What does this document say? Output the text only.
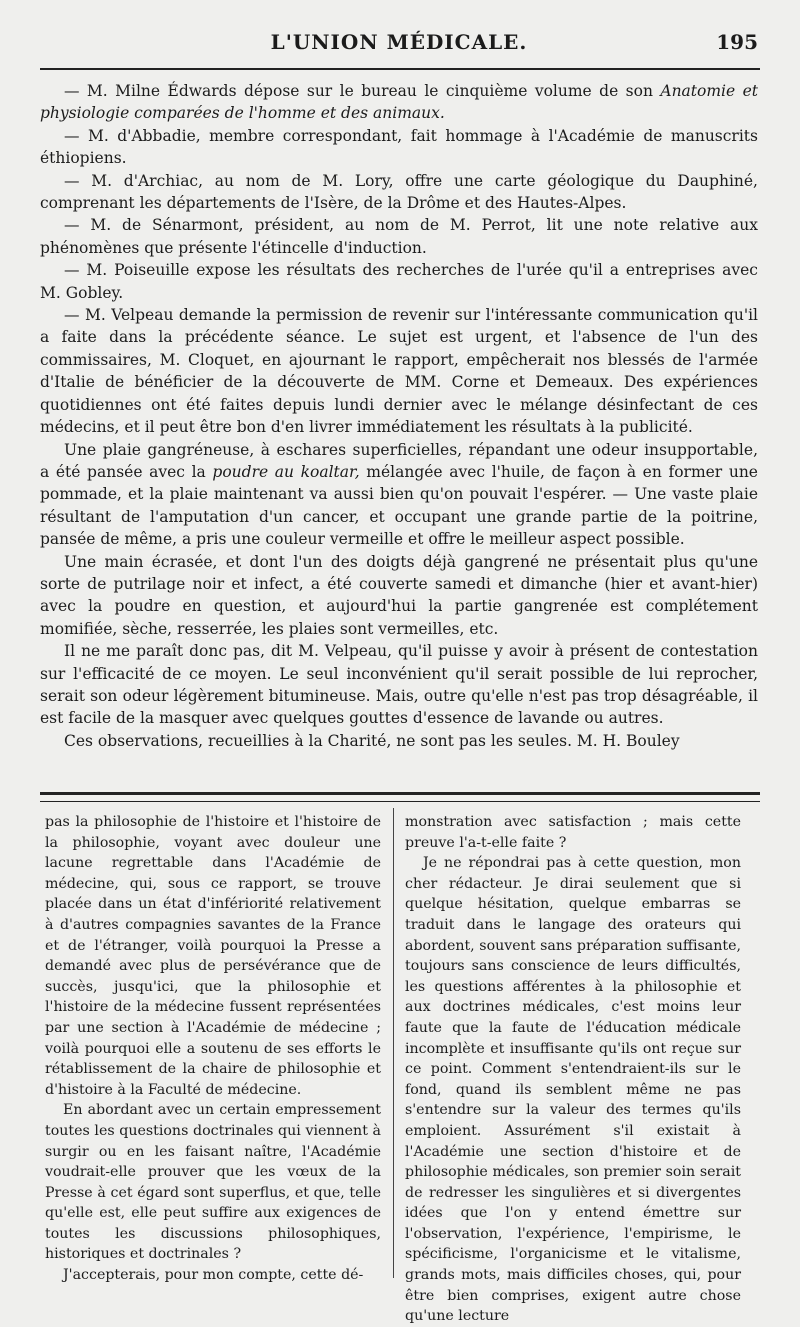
L'UNION MÉDICALE.	195

— M. Milne Édwards dépose sur le bureau le cinquième volume de son Anatomie et physiologie comparées de l'homme et des animaux.

— M. d'Abbadie, membre correspondant, fait hommage à l'Académie de manuscrits éthiopiens.

— M. d'Archiac, au nom de M. Lory, offre une carte géologique du Dauphiné, comprenant les départements de l'Isère, de la Drôme et des Hautes-Alpes.

— M. de Sénarmont, président, au nom de M. Perrot, lit une note relative aux phénomènes que présente l'étincelle d'induction.

— M. Poiseuille expose les résultats des recherches de l'urée qu'il a entreprises avec M. Gobley.

— M. Velpeau demande la permission de revenir sur l'intéressante communication qu'il a faite dans la précédente séance. Le sujet est urgent, et l'absence de l'un des commissaires, M. Cloquet, en ajournant le rapport, empêcherait nos blessés de l'armée d'Italie de bénéficier de la découverte de MM. Corne et Demeaux. Des expériences quotidiennes ont été faites depuis lundi dernier avec le mélange désinfectant de ces médecins, et il peut être bon d'en livrer immédiatement les résultats à la publicité.

Une plaie gangréneuse, à eschares superficielles, répandant une odeur insupportable, a été pansée avec la poudre au koaltar, mélangée avec l'huile, de façon à en former une pommade, et la plaie maintenant va aussi bien qu'on pouvait l'espérer. — Une vaste plaie résultant de l'amputation d'un cancer, et occupant une grande partie de la poitrine, pansée de même, a pris une couleur vermeille et offre le meilleur aspect possible.

Une main écrasée, et dont l'un des doigts déjà gangrené ne présentait plus qu'une sorte de putrilage noir et infect, a été couverte samedi et dimanche (hier et avant-hier) avec la poudre en question, et aujourd'hui la partie gangrenée est complétement momifiée, sèche, resserrée, les plaies sont vermeilles, etc.

Il ne me paraît donc pas, dit M. Velpeau, qu'il puisse y avoir à présent de contestation sur l'efficacité de ce moyen. Le seul inconvénient qu'il serait possible de lui reprocher, serait son odeur légèrement bitumineuse. Mais, outre qu'elle n'est pas trop désagréable, il est facile de la masquer avec quelques gouttes d'essence de lavande ou autres.

Ces observations, recueillies à la Charité, ne sont pas les seules. M. H. Bouley

pas la philosophie de l'histoire et l'histoire de la philosophie, voyant avec douleur une lacune regrettable dans l'Académie de médecine, qui, sous ce rapport, se trouve placée dans un état d'infériorité relativement à d'autres compagnies savantes de la France et de l'étranger, voilà pourquoi la Presse a demandé avec plus de persévérance que de succès, jusqu'ici, que la philosophie et l'histoire de la médecine fussent représentées par une section à l'Académie de médecine ; voilà pourquoi elle a soutenu de ses efforts le rétablissement de la chaire de philosophie et d'histoire à la Faculté de médecine.

En abordant avec un certain empressement toutes les questions doctrinales qui viennent à surgir ou en les faisant naître, l'Académie voudrait-elle prouver que les vœux de la Presse à cet égard sont superflus, et que, telle qu'elle est, elle peut suffire aux exigences de toutes les discussions philosophiques, historiques et doctrinales ?

J'accepterais, pour mon compte, cette dé-

monstration avec satisfaction ; mais cette preuve l'a-t-elle faite ?

Je ne répondrai pas à cette question, mon cher rédacteur. Je dirai seulement que si quelque hésitation, quelque embarras se traduit dans le langage des orateurs qui abordent, souvent sans préparation suffisante, toujours sans conscience de leurs difficultés, les questions afférentes à la philosophie et aux doctrines médicales, c'est moins leur faute que la faute de l'éducation médicale incomplète et insuffisante qu'ils ont reçue sur ce point. Comment s'entendraient-ils sur le fond, quand ils semblent même ne pas s'entendre sur la valeur des termes qu'ils emploient. Assurément s'il existait à l'Académie une section d'histoire et de philosophie médicales, son premier soin serait de redresser les singulières et si divergentes idées que l'on y entend émettre sur l'observation, l'expérience, l'empirisme, le spécificisme, l'organicisme et le vitalisme, grands mots, mais difficiles choses, qui, pour être bien comprises, exigent autre chose qu'une lecture
